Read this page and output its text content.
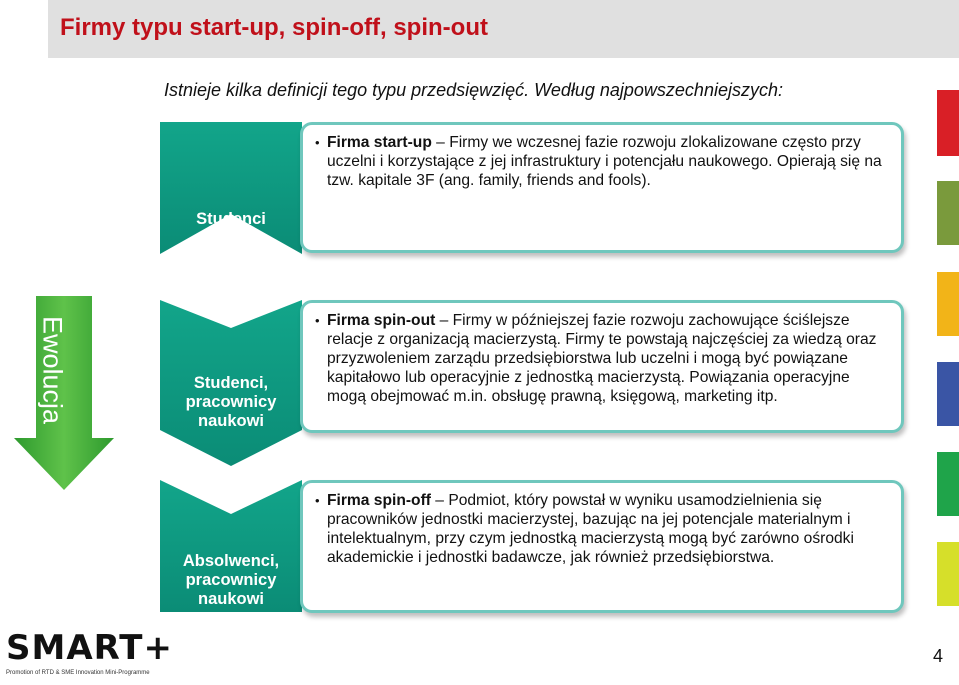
Firmy typu start-up, spin-off, spin-out
Istnieje kilka definicji tego typu przedsięwzięć. Według najpowszechniejszych:
Ewolucja
Studenci
• Firma start-up – Firmy we wczesnej fazie rozwoju zlokalizowane często przy uczelni i korzystające z jej infrastruktury i potencjału naukowego. Opierają się na tzw. kapitale 3F (ang. family, friends and fools).
Studenci, pracownicy naukowi
• Firma spin-out – Firmy w późniejszej fazie rozwoju zachowujące ściślejsze relacje z organizacją macierzystą. Firmy te powstają najczęściej za wiedzą oraz przyzwoleniem zarządu przedsiębiorstwa lub uczelni i mogą być powiązane kapitałowo lub operacyjnie z jednostką macierzystą. Powiązania operacyjne mogą obejmować m.in. obsługę prawną, księgową, marketing itp.
Absolwenci, pracownicy naukowi
• Firma spin-off – Podmiot, który powstał w wyniku usamodzielnienia się pracowników jednostki macierzystej, bazując na jej potencjale materialnym i intelektualnym, przy czym jednostką macierzystą mogą być zarówno ośrodki akademickie i jednostki badawcze, jak również przedsiębiorstwa.
SMART+
Promotion of RTD & SME Innovation Mini-Programme
4
